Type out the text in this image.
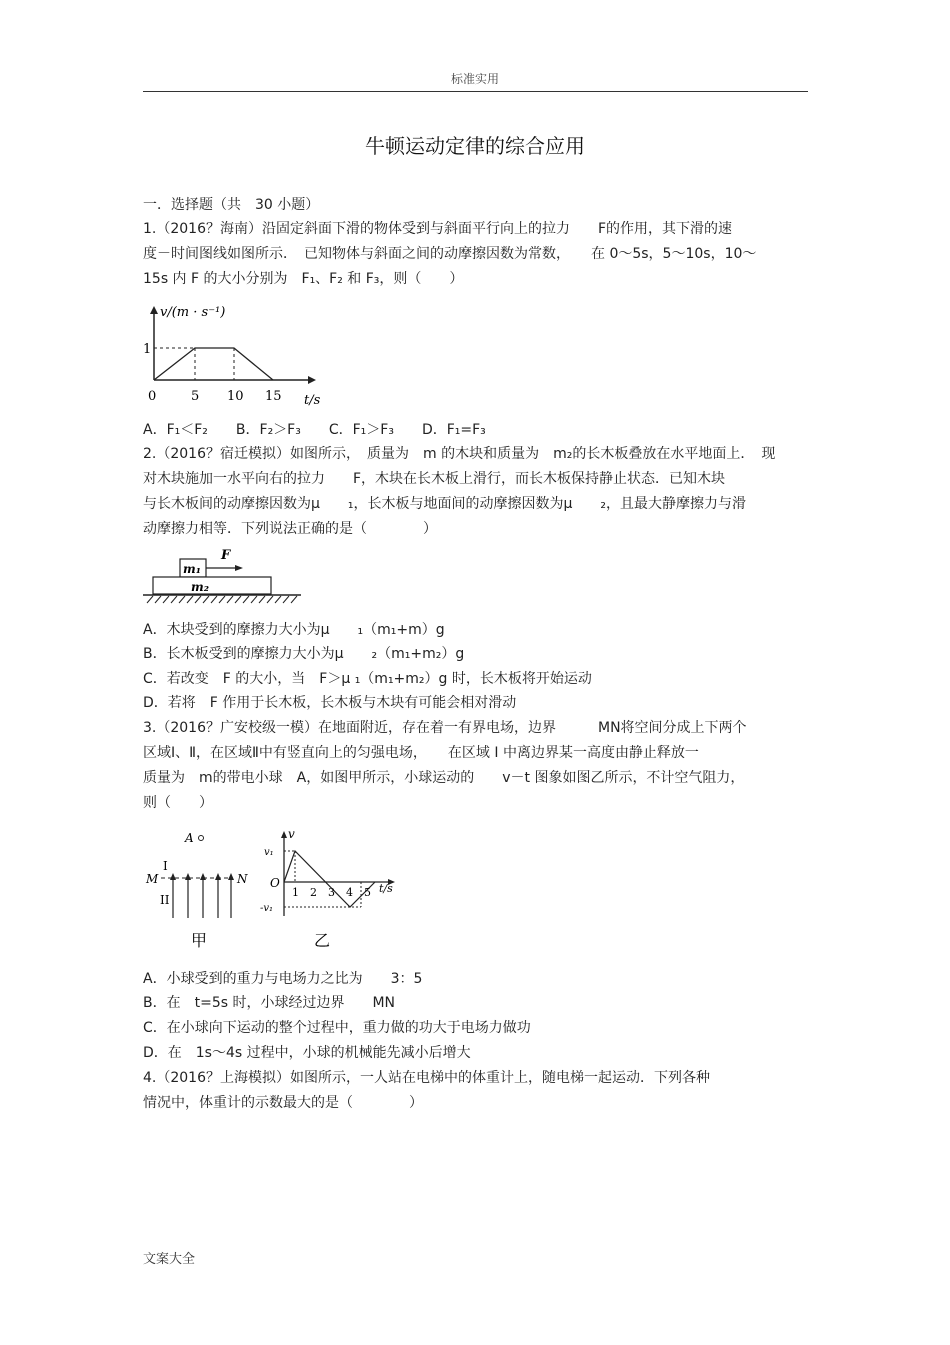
标准实用
牛顿运动定律的综合应用
一．选择题（共　30 小题）
1.（2016？海南）沿固定斜面下滑的物体受到与斜面平行向上的拉力　　F的作用，其下滑的速
度－时间图线如图所示．　已知物体与斜面之间的动摩擦因数为常数，　　在 0～5s，5～10s，10～
15s 内 F 的大小分别为　F₁、F₂ 和 F₃，则（　　）
v/(m · s⁻¹)
t/s
1
0	5 10 15
A．F₁＜F₂　　B．F₂＞F₃　　C．F₁＞F₃　　D．F₁=F₃
2.（2016？宿迁模拟）如图所示，　质量为　m 的木块和质量为　m₂的长木板叠放在水平地面上．　现
对木块施加一水平向右的拉力　　F，木块在长木板上滑行，而长木板保持静止状态．已知木块
与长木板间的动摩擦因数为μ　　₁，长木板与地面间的动摩擦因数为μ　　₂，且最大静摩擦力与滑
动摩擦力相等．下列说法正确的是（　　　　）
m₁
m₂
F
A．木块受到的摩擦力大小为μ　　₁（m₁+m）g
B．长木板受到的摩擦力大小为μ　　₂（m₁+m₂）g
C．若改变　F 的大小，当　F＞μ ₁（m₁+m₂）g 时，长木板将开始运动
D．若将　F 作用于长木板，长木板与木块有可能会相对滑动
3.（2016？广安校级一模）在地面附近，存在着一有界电场，边界　　　MN将空间分成上下两个
区域Ⅰ、Ⅱ，在区域Ⅱ中有竖直向上的匀强电场，　　在区域 Ⅰ 中离边界某一高度由静止释放一
质量为　m的带电小球　A，如图甲所示，小球运动的　　v－t 图象如图乙所示，不计空气阻力，
则（　　）
A
I
M	N
II
甲
v
t/s
O
v₁
-v₁
1 2 3 4 5
乙
A．小球受到的重力与电场力之比为　　3：5
B．在　t=5s 时，小球经过边界　　MN
C．在小球向下运动的整个过程中，重力做的功大于电场力做功
D．在　1s～4s 过程中，小球的机械能先减小后增大
4.（2016？上海模拟）如图所示，一人站在电梯中的体重计上，随电梯一起运动．下列各种
情况中，体重计的示数最大的是（　　　　）
文案大全
